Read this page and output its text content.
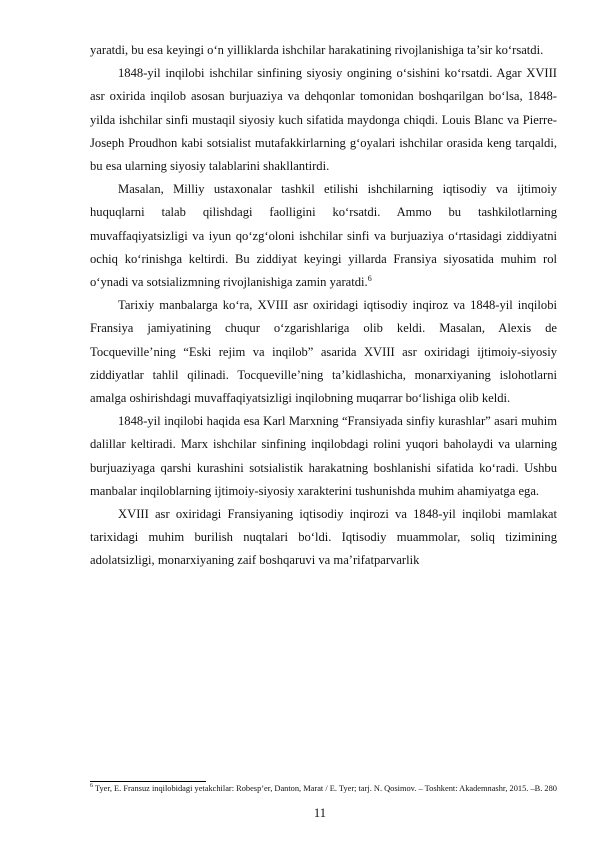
yaratdi, bu esa keyingi o‘n yilliklarda ishchilar harakatining rivojlanishiga ta’sir ko‘rsatdi.

1848-yil inqilobi ishchilar sinfining siyosiy ongining o‘sishini ko‘rsatdi. Agar XVIII asr oxirida inqilob asosan burjuaziya va dehqonlar tomonidan boshqarilgan bo‘lsa, 1848-yilda ishchilar sinfi mustaqil siyosiy kuch sifatida maydonga chiqdi. Louis Blanc va Pierre-Joseph Proudhon kabi sotsialist mutafakkirlarning g‘oyalari ishchilar orasida keng tarqaldi, bu esa ularning siyosiy talablarini shakllantirdi.

Masalan, Milliy ustaxonalar tashkil etilishi ishchilarning iqtisodiy va ijtimoiy huquqlarni talab qilishdagi faolligini ko‘rsatdi. Ammo bu tashkilotlarning muvaffaqiyatsizligi va iyun qo‘zg‘oloni ishchilar sinfi va burjuaziya o‘rtasidagi ziddiyatni ochiq ko‘rinishga keltirdi. Bu ziddiyat keyingi yillarda Fransiya siyosatida muhim rol o‘ynadi va sotsializmning rivojlanishiga zamin yaratdi.$^6$

Tarixiy manbalarga ko‘ra, XVIII asr oxiridagi iqtisodiy inqiroz va 1848-yil inqilobi Fransiya jamiyatining chuqur o‘zgarishlariga olib keldi. Masalan, Alexis de Tocqueville’ning “Eski rejim va inqilob” asarida XVIII asr oxiridagi ijtimoiy-siyosiy ziddiyatlar tahlil qilinadi. Tocqueville’ning ta’kidlashicha, monarxiyaning islohotlarni amalga oshirishdagi muvaffaqiyatsizligi inqilobning muqarrar bo‘lishiga olib keldi.

1848-yil inqilobi haqida esa Karl Marxning “Fransiyada sinfiy kurashlar” asari muhim dalillar keltiradi. Marx ishchilar sinfining inqilobdagi rolini yuqori baholaydi va ularning burjuaziyaga qarshi kurashini sotsialistik harakatning boshlanishi sifatida ko‘radi. Ushbu manbalar inqiloblarning ijtimoiy-siyosiy xarakterini tushunishda muhim ahamiyatga ega.

XVIII asr oxiridagi Fransiyaning iqtisodiy inqirozi va 1848-yil inqilobi mamlakat tarixidagi muhim burilish nuqtalari bo‘ldi. Iqtisodiy muammolar, soliq tizimining adolatsizligi, monarxiyaning zaif boshqaruvi va ma’rifatparvarlik

$^6$ Tyer, E. Fransuz inqilobidagi yetakchilar: Robesp’er, Danton, Marat / E. Tyer; tarj. N. Qosimov. – Toshkent: Akademnashr, 2015. –B. 280
11
